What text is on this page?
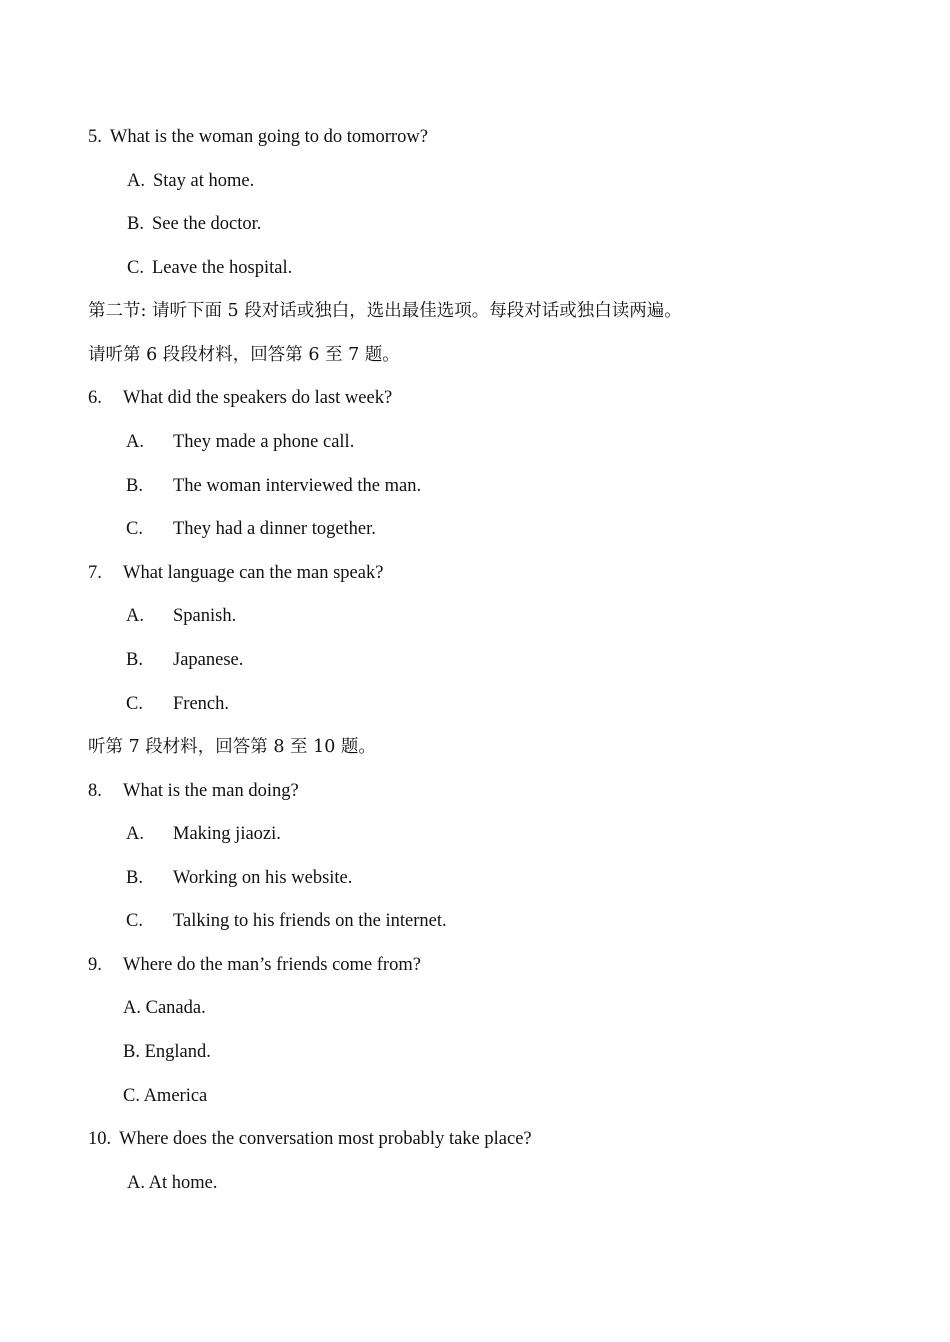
5. What is the woman going to do tomorrow?
A. Stay at home.
B. See the doctor.
C. Leave the hospital.
第二节: 请听下面 5 段对话或独白，选出最佳选项。每段对话或独白读两遍。
请听第 6 段段材料，回答第 6 至 7 题。
6. What did the speakers do last week?
A. They made a phone call.
B. The woman interviewed the man.
C. They had a dinner together.
7. What language can the man speak?
A. Spanish.
B. Japanese.
C. French.
听第 7 段材料，回答第 8 至 10 题。
8. What is the man doing?
A. Making jiaozi.
B. Working on his website.
C. Talking to his friends on the internet.
9. Where do the man’s friends come from?
A. Canada.
B. England.
C. America
10. Where does the conversation most probably take place?
A. At home.
